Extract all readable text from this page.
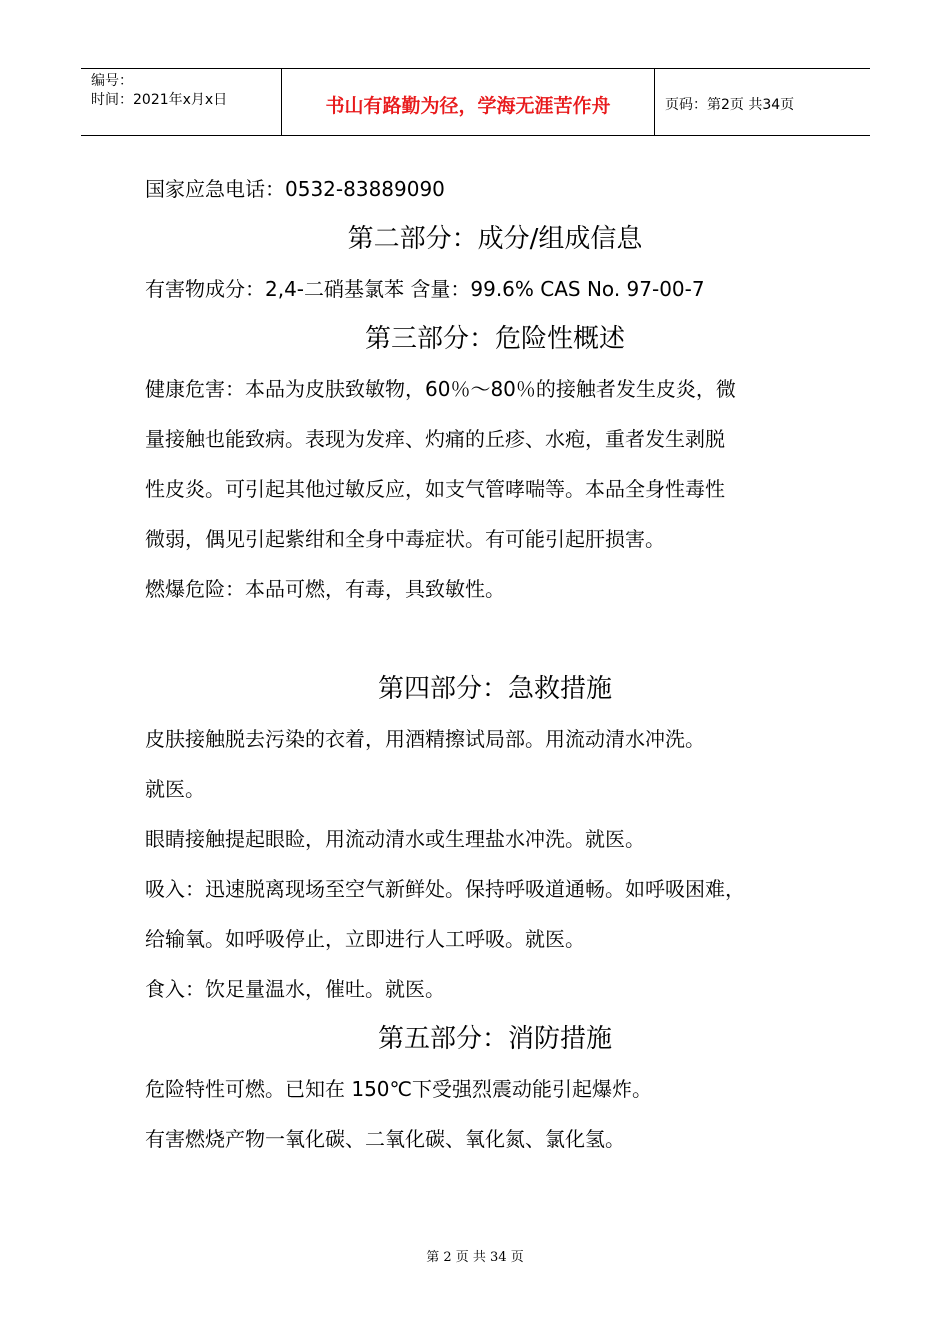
编号：
时间：2021年x月x日	书山有路勤为径，学海无涯苦作舟	页码：第2页 共34页
国家应急电话：0532-83889090
第二部分：成分/组成信息
有害物成分：2,4-二硝基氯苯 含量：99.6% CAS No. 97-00-7
第三部分：危险性概述
健康危害：本品为皮肤致敏物，60％～80％的接触者发生皮炎，微
量接触也能致病。表现为发痒、灼痛的丘疹、水疱，重者发生剥脱
性皮炎。可引起其他过敏反应，如支气管哮喘等。本品全身性毒性
微弱，偶见引起紫绀和全身中毒症状。有可能引起肝损害。
燃爆危险：本品可燃，有毒，具致敏性。
第四部分：急救措施
皮肤接触脱去污染的衣着，用酒精擦试局部。用流动清水冲洗。
就医。
眼睛接触提起眼睑，用流动清水或生理盐水冲洗。就医。
吸入：迅速脱离现场至空气新鲜处。保持呼吸道通畅。如呼吸困难，
给输氧。如呼吸停止，立即进行人工呼吸。就医。
食入：饮足量温水，催吐。就医。
第五部分：消防措施
危险特性可燃。已知在 150℃下受强烈震动能引起爆炸。
有害燃烧产物一氧化碳、二氧化碳、氧化氮、氯化氢。
第 2 页 共 34 页
